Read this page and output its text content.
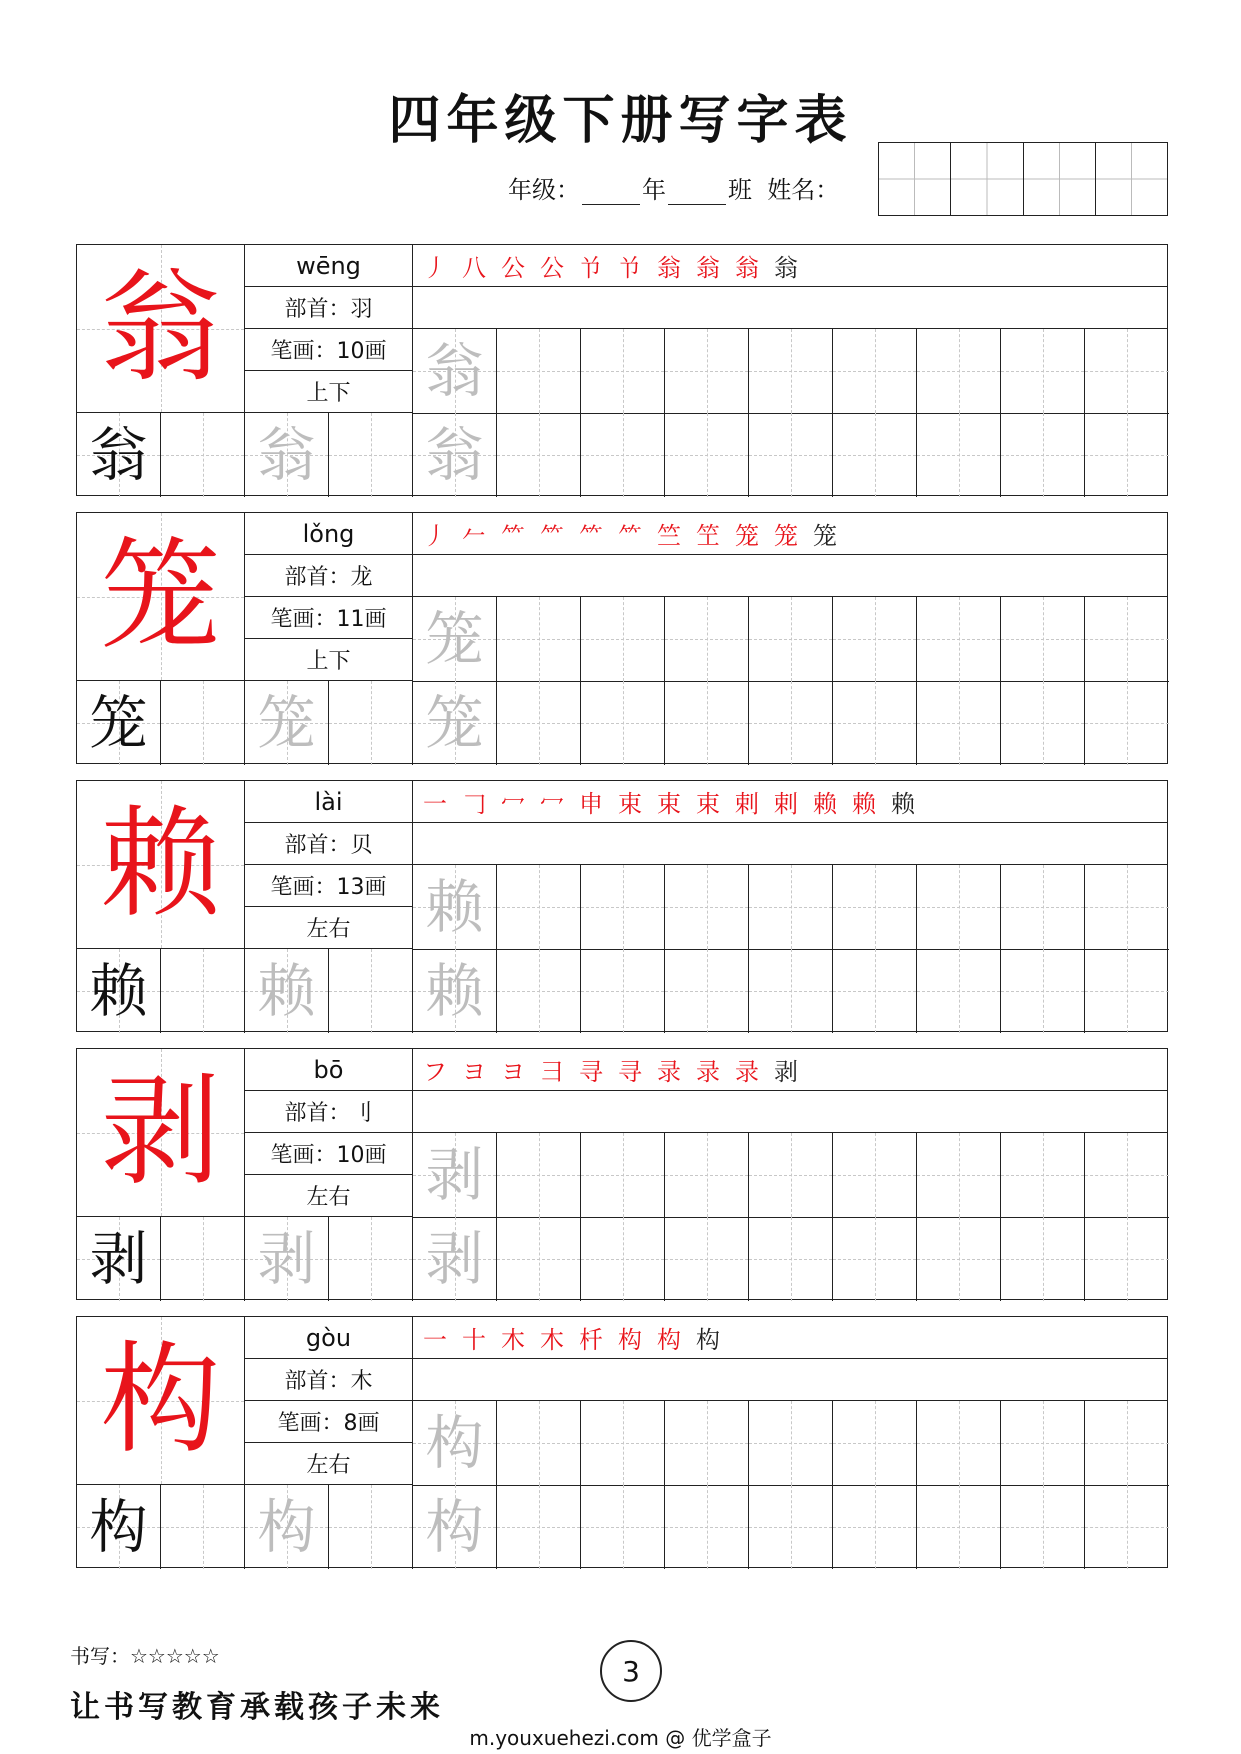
四年级下册写字表
年级：	年	班 姓名：
翁	wēng
部首：羽
笔画：10画
上下
丿 八 公 公 兯 兯 翁 翁 翁 翁
翁
翁 翁 翁
笼	lǒng
部首：龙
笔画：11画
上下
丿 𠂉 ⺮ ⺮ ⺮ ⺮ 竺 笁 笼 笼 笼
笼
笼 笼 笼
赖	lài
部首：贝
笔画：13画
左右
一 𠃌 冖 冖 申 束 束 束 剌 剌 赖 赖 赖
赖
赖 赖 赖
剥	bō
部首：刂
笔画：10画
左右
フ ヨ ヨ 彐 寻 寻 录 录 录 剥
剥
剥 剥 剥
构	gòu
部首：木
笔画：8画
左右
一 十 木 木 杄 构 构 构
构
构 构 构
书写：☆☆☆☆☆
让书写教育承载孩子未来
3
m.youxuehezi.com @ 优学盒子
